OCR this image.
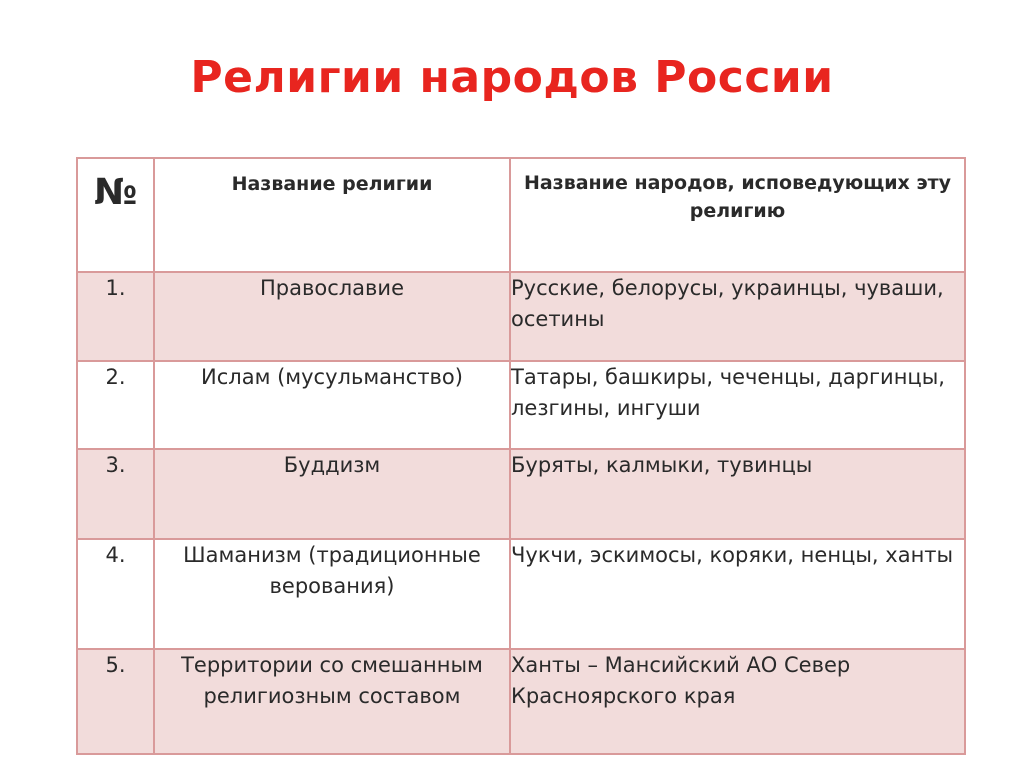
Религии народов России
№	Название религии	Название народов, исповедующих эту религию
1.	Православие	Русские, белорусы, украинцы, чуваши, осетины
2.	Ислам (мусульманство)	Татары, башкиры, чеченцы, даргинцы, лезгины, ингуши
3.	Буддизм	Буряты, калмыки, тувинцы
4.	Шаманизм (традиционные верования)	Чукчи, эскимосы, коряки, ненцы, ханты
5.	Территории со смешанным религиозным составом	Ханты – Мансийский АО Север Красноярского края
